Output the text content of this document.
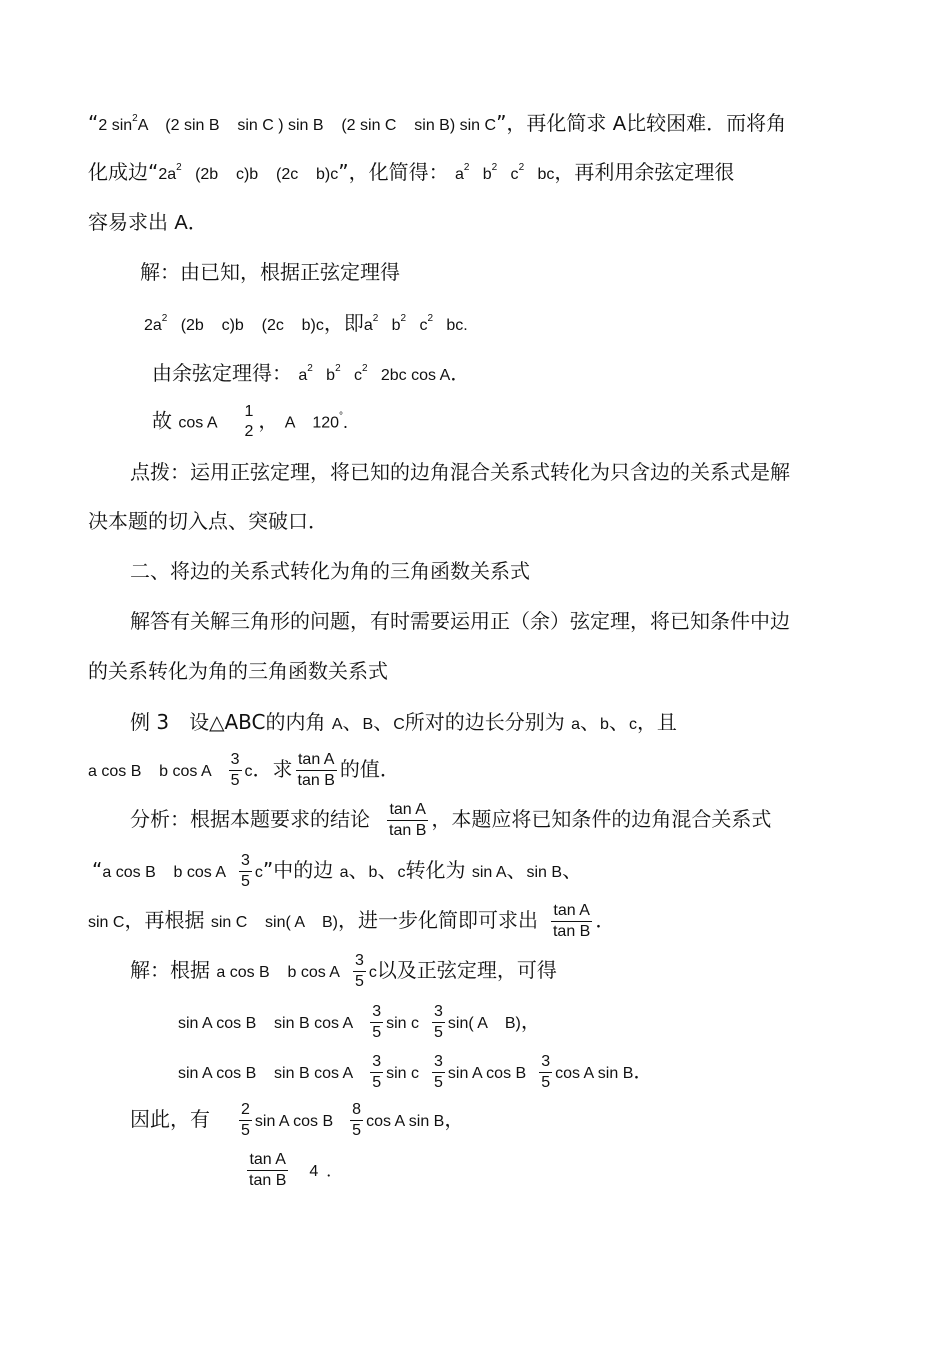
“2 $\sin^2A$    (2 sin B    sin C ) sin B    (2 sin C    sin B) sin C”，再化简求 A比较困难．而将角
化成边“$2a^2$   (2b    c)b    (2c    b)c”，化简得： $a^2$   $b^2$   $c^2$   bc，再利用余弦定理很
容易求出 A．
解：由已知，根据正弦定理得
$2a^2$   (2b    c)b    (2c    b)c，即$a^2$   $b^2$   $c^2$   bc.
由余弦定理得： $a^2$   $b^2$   $c^2$   2bc cos A．
故 cos A
1
2 ， A    120°．
点拨：运用正弦定理，将已知的边角混合关系式转化为只含边的关系式是解
决本题的切入点、突破口．
二、将边的关系式转化为角的三角函数关系式
解答有关解三角形的问题，有时需要运用正（余）弦定理，将已知条件中边
的关系转化为角的三角函数关系式
例 3 设△ABC的内角 A、B、C所对的边长分别为 a、b、c，且
a cos B    b cos A $\frac{3}{5}$ c．求 $\frac{\text{tan A}}{\text{tan B}}$ 的值．
分析：根据本题要求的结论 $\frac{\text{tan A}}{\text{tan B}}$ ，本题应将已知条件的边角混合关系式
“a cos B    b cos A $\frac{3}{5} c$”中的边 a、b、c转化为 sin A、sin B、
sin C，再根据 sin C    sin( A    B)，进一步化简即可求出 $\frac{\text{tan A}}{\text{tan B}}$ ．
解：根据 a cos B    b cos A $\frac{3}{5}$ c以及正弦定理，可得
sin A cos B    sin B cos A $\frac{3}{5}$ sin c $\frac{3}{5} \sin$( A    B)，
sin A cos B    sin B cos A $\frac{3}{5}$ sin c $\frac{3}{5}$ sin A cos B $\frac{3}{5}$ cos A sin B．
因此，有 $\frac{2}{5}$ sin A cos B $\frac{8}{5}$ cos A sin B，
$\frac{\text{tan A}}{\text{tan B}} 4$ ．
